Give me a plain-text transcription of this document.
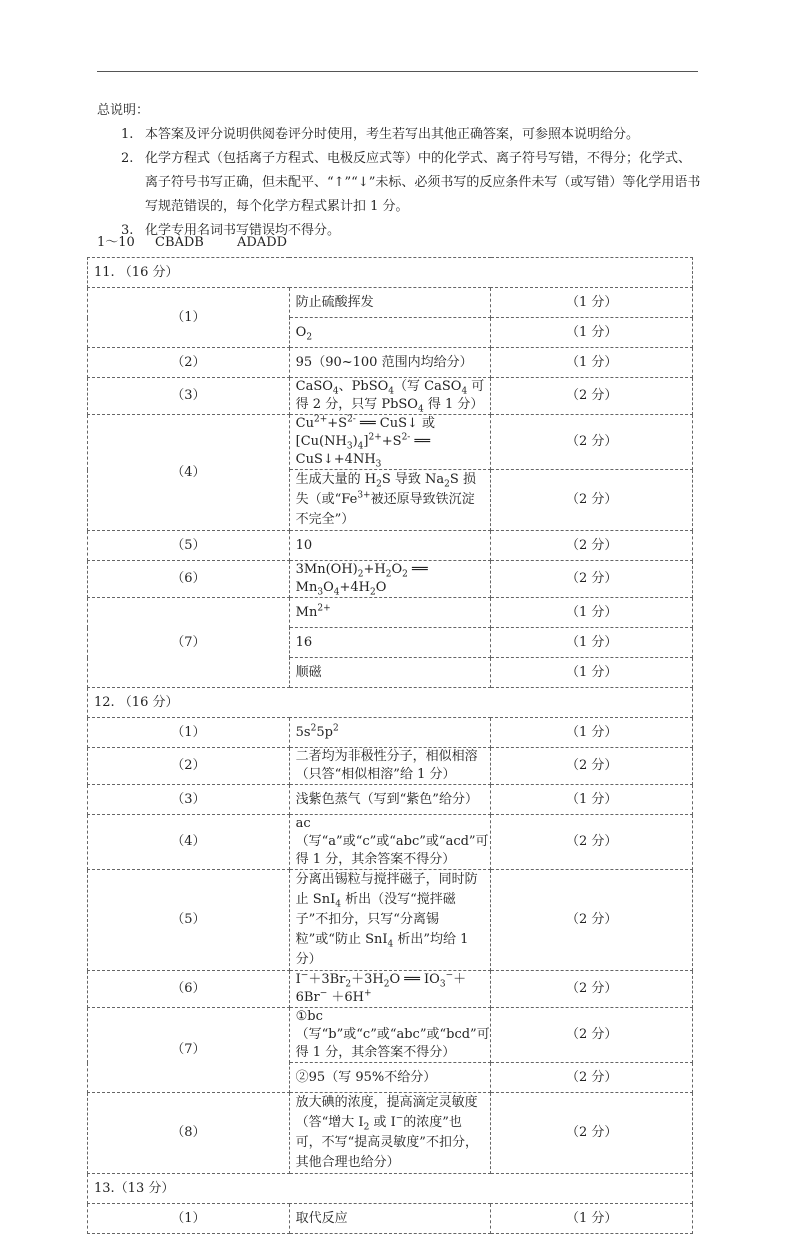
总说明：

1. 本答案及评分说明供阅卷评分时使用，考生若写出其他正确答案，可参照本说明给分。

2. 化学方程式（包括离子方程式、电极反应式等）中的化学式、离子符号写错，不得分；化学式、离子符号书写正确，但未配平、“↑”“↓”未标、必须书写的反应条件未写（或写错）等化学用语书写规范错误的，每个化学方程式累计扣 1 分。

3. 化学专用名词书写错误均不得分。

1～10 CBADB	ADADD
11. （16 分）		
（1）	防止硫酸挥发	（1 分）
	$O_2$	（1 分）
（2）	95（90~100 范围内均给分）	（1 分）
（3）	CaSO$_4$、PbSO$_4$（写 CaSO$_4$ 可得 2 分，只写 PbSO$_4$ 得 1 分）	（2 分）
（4）	$Cu^{2+}+S^{2-}$ ══ CuS↓ 或 $[Cu(NH_3)_4]^{2+}+S^{2-}$ ══ $CuS↓+4NH_3$	（2 分）
	生成大量的 $H_2S$ 导致 $Na_2S$ 损失（或“$Fe^{3+}$被还原导致铁沉淀不完全”）	（2 分）
（5）	10	（2 分）
（6）	$3Mn(OH)_2+H_2O_2$ ══ $Mn_3O_4+4H_2O$	（2 分）
（7）	$Mn^{2+}$	（1 分）
	16	（1 分）
	顺磁	（1 分）
12. （16 分）		
（1）	$5s^25p^2$	（1 分）
（2）	二者均为非极性分子，相似相溶（只答“相似相溶”给 1 分）	（2 分）
（3）	浅紫色蒸气（写到“紫色”给分）	（1 分）
（4）	ac（写“a”或“c”或“abc”或“acd”可得 1 分，其余答案不得分）	（2 分）
（5）	分离出锡粒与搅拌磁子，同时防止 SnI$_4$ 析出（没写“搅拌磁子”不扣分，只写“分离锡粒”或“防止 SnI$_4$ 析出”均给 1 分）	（2 分）
（6）	$I^-+3Br_2+3H_2O$ ══ $IO_3^-+6Br^- +6H^+$	（2 分）
（7）	①bc（写“b”或“c”或“abc”或“bcd”可得 1 分，其余答案不得分）	（2 分）
	②95（写 95%不给分）	（2 分）
（8）	放大碘的浓度，提高滴定灵敏度（答“增大 $I_2$ 或 I−的浓度”也可，不写“提高灵敏度”不扣分，其他合理也给分）	（2 分）
13.（13 分）		
（1）	取代反应	（1 分）
